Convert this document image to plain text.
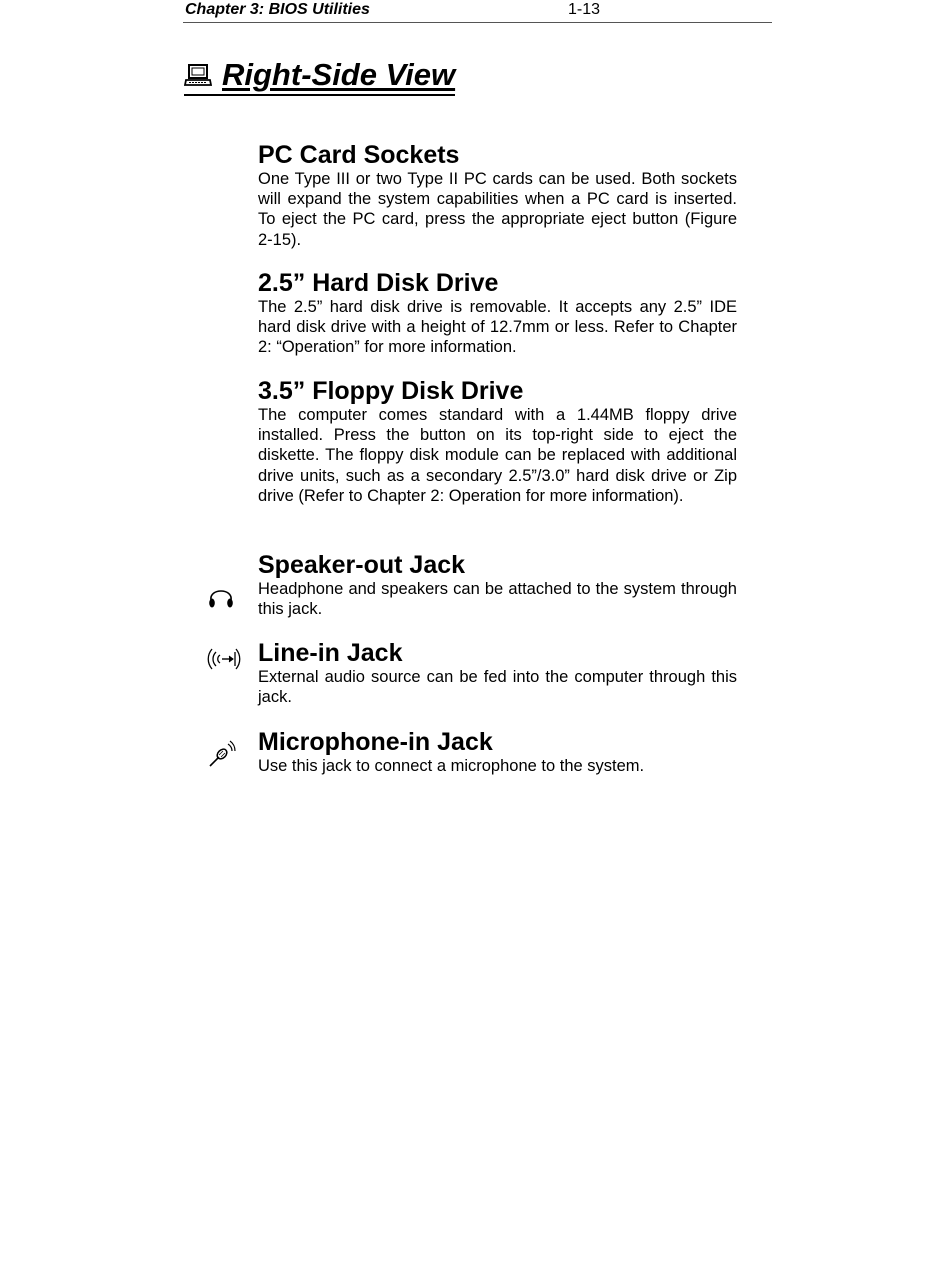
Chapter 3: BIOS Utilities	1-13
Right-Side View
PC Card Sockets

One Type III or two Type II PC cards can be used. Both sockets will expand the system capabilities when a PC card is inserted. To eject the PC card, press the appropriate eject button (Figure 2-15).

2.5” Hard Disk Drive

The 2.5” hard disk drive is removable. It accepts any 2.5” IDE hard disk drive with a height of 12.7mm or less. Refer to Chapter 2: “Operation” for more information.

3.5” Floppy Disk Drive

The computer comes standard with a 1.44MB floppy drive installed. Press the button on its top-right side to eject the diskette. The floppy disk module can be replaced with additional drive units, such as a secondary 2.5”/3.0” hard disk drive or Zip drive (Refer to Chapter 2: Operation for more information).

Speaker-out Jack

Headphone and speakers can be attached to the system through this jack.

Line-in Jack

External audio source can be fed into the computer through this jack.

Microphone-in Jack

Use this jack to connect a microphone to the system.
